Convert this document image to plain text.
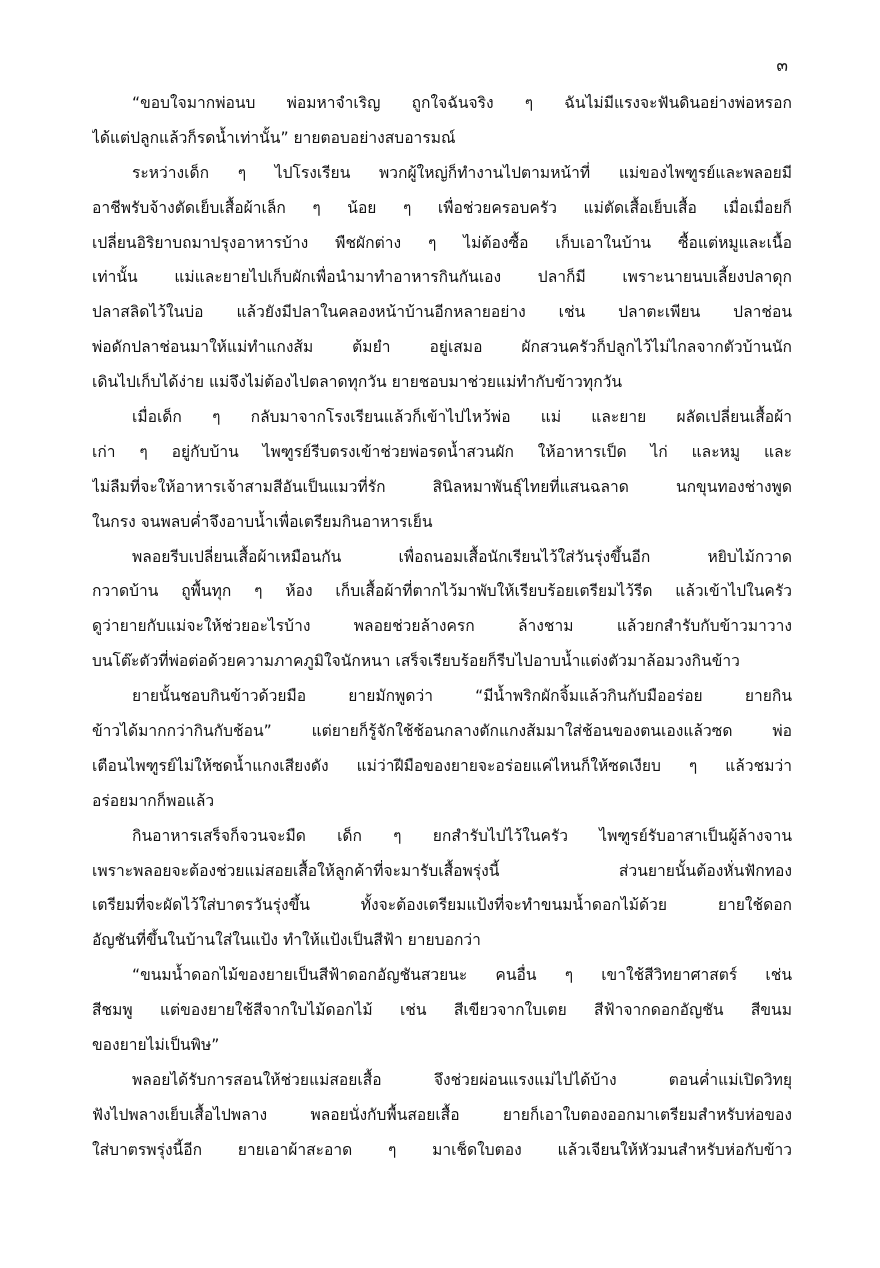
๓
“ขอบใจมากพ่อนบ พ่อมหาจำเริญ ถูกใจฉันจริง ๆ ฉันไม่มีแรงจะฟันดินอย่างพ่อหรอก
ได้แต่ปลูกแล้วก็รดน้ำเท่านั้น” ยายตอบอย่างสบอารมณ์
ระหว่างเด็ก ๆ ไปโรงเรียน พวกผู้ใหญ่ก็ทำงานไปตามหน้าที่ แม่ของไพฑูรย์และพลอยมี
อาชีพรับจ้างตัดเย็บเสื้อผ้าเล็ก ๆ น้อย ๆ เพื่อช่วยครอบครัว แม่ตัดเสื้อเย็บเสื้อ เมื่อเมื่อยก็
เปลี่ยนอิริยาบถมาปรุงอาหารบ้าง พืชผักต่าง ๆ ไม่ต้องซื้อ เก็บเอาในบ้าน ซื้อแต่หมูและเนื้อ
เท่านั้น แม่และยายไปเก็บผักเพื่อนำมาทำอาหารกินกันเอง ปลาก็มี เพราะนายนบเลี้ยงปลาดุก
ปลาสลิดไว้ในบ่อ แล้วยังมีปลาในคลองหน้าบ้านอีกหลายอย่าง เช่น ปลาตะเพียน ปลาช่อน
พ่อดักปลาช่อนมาให้แม่ทำแกงส้ม ต้มยำ อยู่เสมอ ผักสวนครัวก็ปลูกไว้ไม่ไกลจากตัวบ้านนัก
เดินไปเก็บได้ง่าย แม่จึงไม่ต้องไปตลาดทุกวัน ยายชอบมาช่วยแม่ทำกับข้าวทุกวัน
เมื่อเด็ก ๆ กลับมาจากโรงเรียนแล้วก็เข้าไปไหว้พ่อ แม่ และยาย ผลัดเปลี่ยนเสื้อผ้า
เก่า ๆ อยู่กับบ้าน ไพฑูรย์รีบตรงเข้าช่วยพ่อรดน้ำสวนผัก ให้อาหารเป็ด ไก่ และหมู และ
ไม่ลืมที่จะให้อาหารเจ้าสามสีอันเป็นแมวที่รัก สินิลหมาพันธุ์ไทยที่แสนฉลาด นกขุนทองช่างพูด
ในกรง จนพลบค่ำจึงอาบน้ำเพื่อเตรียมกินอาหารเย็น
พลอยรีบเปลี่ยนเสื้อผ้าเหมือนกัน เพื่อถนอมเสื้อนักเรียนไว้ใส่วันรุ่งขึ้นอีก หยิบไม้กวาด
กวาดบ้าน ถูพื้นทุก ๆ ห้อง เก็บเสื้อผ้าที่ตากไว้มาพับให้เรียบร้อยเตรียมไว้รีด แล้วเข้าไปในครัว
ดูว่ายายกับแม่จะให้ช่วยอะไรบ้าง พลอยช่วยล้างครก ล้างชาม แล้วยกสำรับกับข้าวมาวาง
บนโต๊ะตัวที่พ่อต่อด้วยความภาคภูมิใจนักหนา เสร็จเรียบร้อยก็รีบไปอาบน้ำแต่งตัวมาล้อมวงกินข้าว
ยายนั้นชอบกินข้าวด้วยมือ ยายมักพูดว่า “มีน้ำพริกผักจิ้มแล้วกินกับมืออร่อย ยายกิน
ข้าวได้มากกว่ากินกับช้อน” แต่ยายก็รู้จักใช้ช้อนกลางตักแกงส้มมาใส่ช้อนของตนเองแล้วซด พ่อ
เตือนไพฑูรย์ไม่ให้ซดน้ำแกงเสียงดัง แม่ว่าฝีมือของยายจะอร่อยแค่ไหนก็ให้ซดเงียบ ๆ แล้วชมว่า
อร่อยมากก็พอแล้ว
กินอาหารเสร็จก็จวนจะมืด เด็ก ๆ ยกสำรับไปไว้ในครัว ไพฑูรย์รับอาสาเป็นผู้ล้างจาน
เพราะพลอยจะต้องช่วยแม่สอยเสื้อให้ลูกค้าที่จะมารับเสื้อพรุ่งนี้ ส่วนยายนั้นต้องหั่นฟักทอง
เตรียมที่จะผัดไว้ใส่บาตรวันรุ่งขึ้น ทั้งจะต้องเตรียมแป้งที่จะทำขนมน้ำดอกไม้ด้วย ยายใช้ดอก
อัญชันที่ขึ้นในบ้านใส่ในแป้ง ทำให้แป้งเป็นสีฟ้า ยายบอกว่า
“ขนมน้ำดอกไม้ของยายเป็นสีฟ้าดอกอัญชันสวยนะ คนอื่น ๆ เขาใช้สีวิทยาศาสตร์ เช่น
สีชมพู แต่ของยายใช้สีจากใบไม้ดอกไม้ เช่น สีเขียวจากใบเตย สีฟ้าจากดอกอัญชัน สีขนม
ของยายไม่เป็นพิษ”
พลอยได้รับการสอนให้ช่วยแม่สอยเสื้อ จึงช่วยผ่อนแรงแม่ไปได้บ้าง ตอนค่ำแม่เปิดวิทยุ
ฟังไปพลางเย็บเสื้อไปพลาง พลอยนั่งกับพื้นสอยเสื้อ ยายก็เอาใบตองออกมาเตรียมสำหรับห่อของ
ใส่บาตรพรุ่งนี้อีก ยายเอาผ้าสะอาด ๆ มาเช็ดใบตอง แล้วเจียนให้หัวมนสำหรับห่อกับข้าว
